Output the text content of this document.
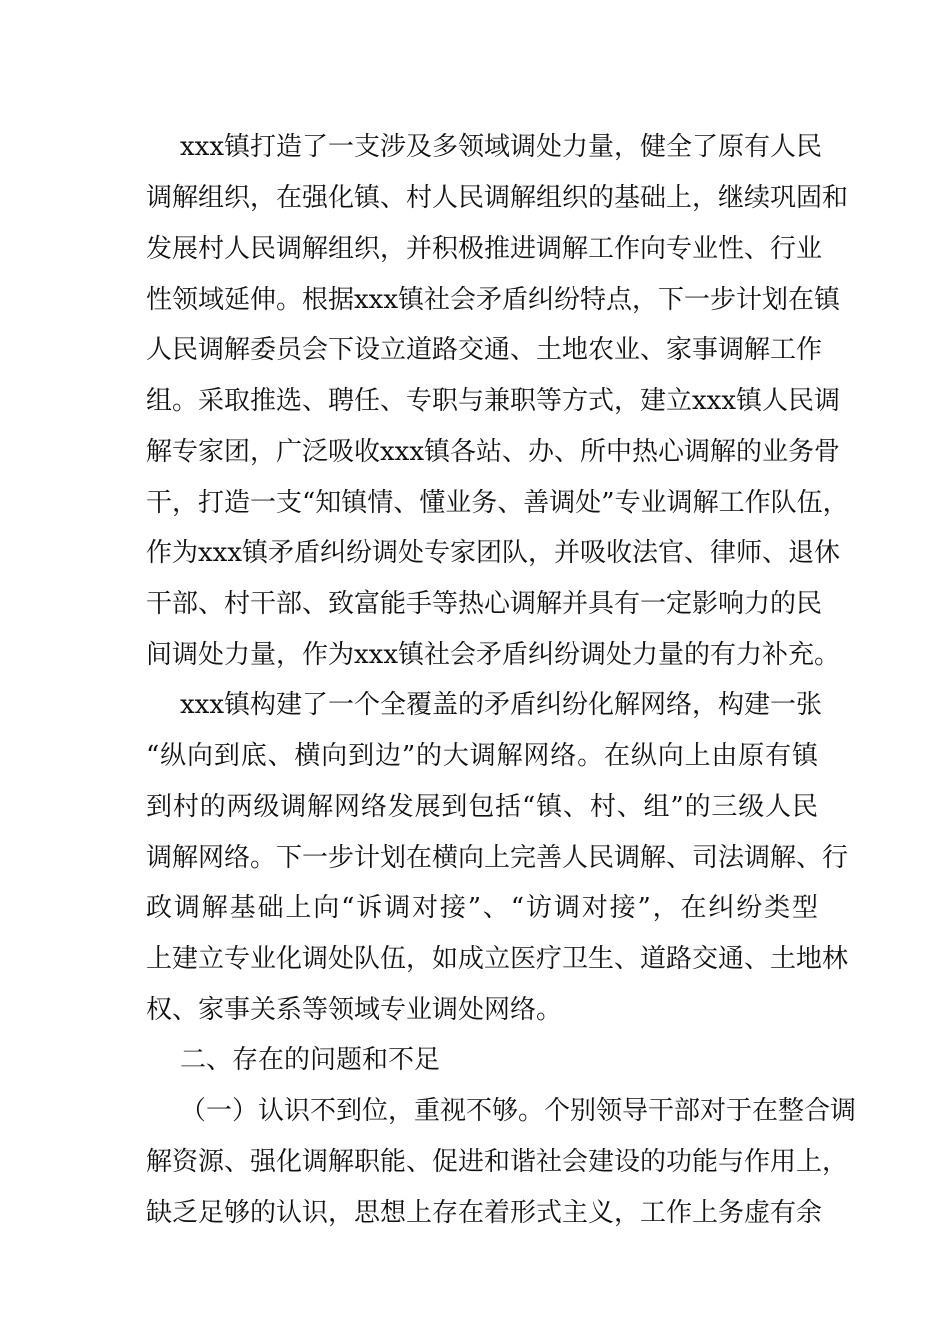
xxx镇打造了一支涉及多领域调处力量，健全了原有人民
调解组织，在强化镇、村人民调解组织的基础上，继续巩固和
发展村人民调解组织，并积极推进调解工作向专业性、行业
性领域延伸。根据xxx镇社会矛盾纠纷特点，下一步计划在镇
人民调解委员会下设立道路交通、土地农业、家事调解工作
组。采取推选、聘任、专职与兼职等方式，建立xxx镇人民调
解专家团，广泛吸收xxx镇各站、办、所中热心调解的业务骨
干，打造一支“知镇情、懂业务、善调处”专业调解工作队伍，
作为xxx镇矛盾纠纷调处专家团队，并吸收法官、律师、退休
干部、村干部、致富能手等热心调解并具有一定影响力的民
间调处力量，作为xxx镇社会矛盾纠纷调处力量的有力补充。
xxx镇构建了一个全覆盖的矛盾纠纷化解网络，构建一张
“纵向到底、横向到边”的大调解网络。在纵向上由原有镇
到村的两级调解网络发展到包括“镇、村、组”的三级人民
调解网络。下一步计划在横向上完善人民调解、司法调解、行
政调解基础上向“诉调对接”、“访调对接”，在纠纷类型
上建立专业化调处队伍，如成立医疗卫生、道路交通、土地林
权、家事关系等领域专业调处网络。
二、存在的问题和不足
（一）认识不到位，重视不够。个别领导干部对于在整合调
解资源、强化调解职能、促进和谐社会建设的功能与作用上，
缺乏足够的认识，思想上存在着形式主义，工作上务虚有余
